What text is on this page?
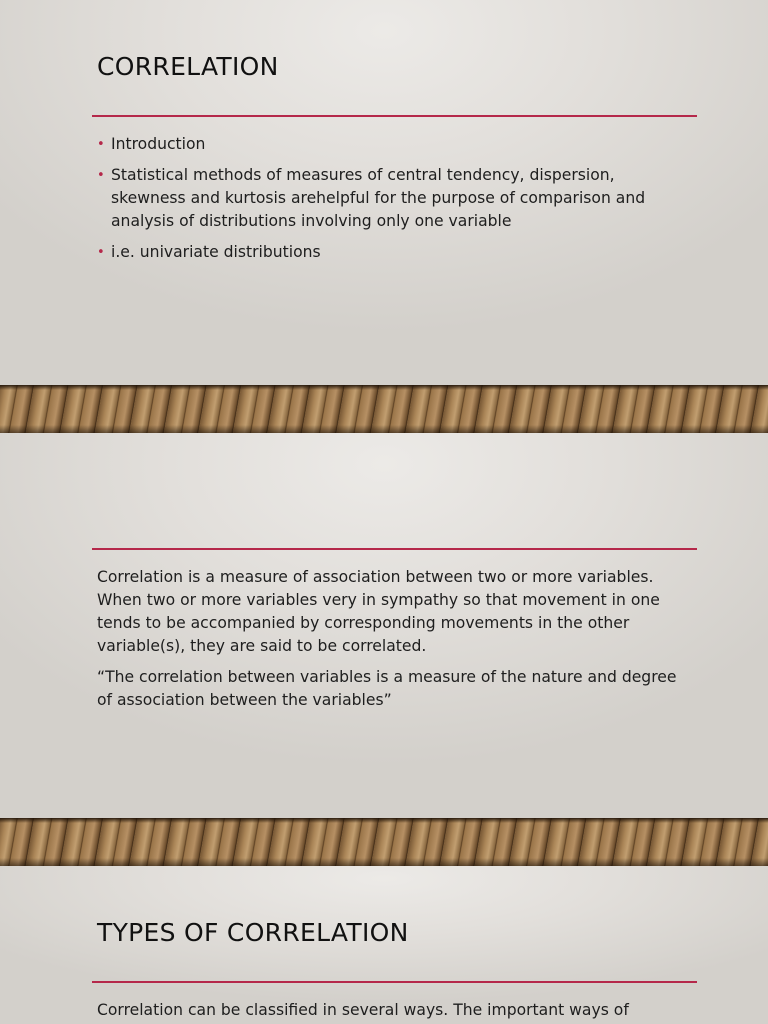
CORRELATION
• Introduction
• Statistical methods of measures of central tendency, dispersion, skewness and kurtosis arehelpful for the purpose of comparison and analysis of distributions involving only one variable
• i.e. univariate distributions

Correlation is a measure of association between two or more variables. When two or more variables very in sympathy so that movement in one tends to be accompanied by corresponding movements in the other variable(s), they are said to be correlated.

“The correlation between variables is a measure of the nature and degree of association between the variables”

TYPES OF CORRELATION

Correlation can be classified in several ways. The important ways of
